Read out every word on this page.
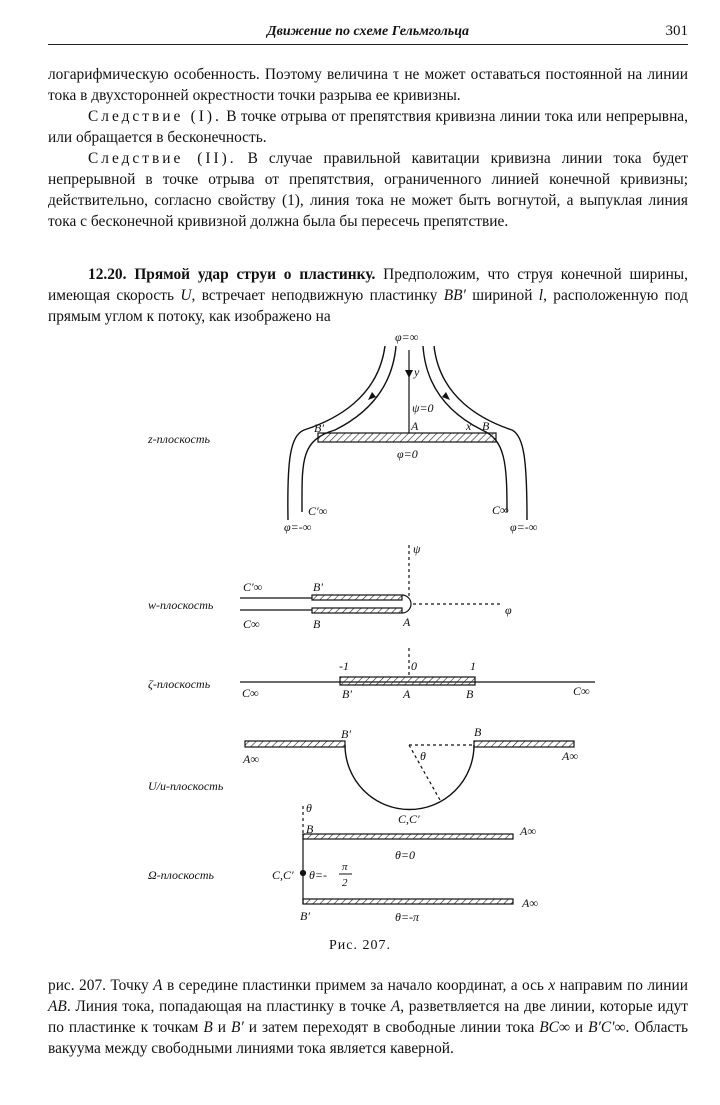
Движение по схеме Гельмгольца	301

логарифмическую особенность. Поэтому величина τ не может оставаться постоянной на линии тока в двухсторонней окрестности точки разрыва ее кривизны.

Следствие (I). В точке отрыва от препятствия кривизна линии тока или непрерывна, или обращается в бесконечность.

Следствие (II). В случае правильной кавитации кривизна линии тока будет непрерывной в точке отрыва от препятствия, ограниченного линией конечной кривизны; действительно, согласно свойству (1), линия тока не может быть вогнутой, а выпуклая линия тока с бесконечной кривизной должна была бы пересечь препятствие.

12.20. Прямой удар струи о пластинку. Предположим, что струя конечной ширины, имеющая скорость U, встречает неподвижную пластинку BB′ шириной l, расположенную под прямым углом к потоку, как изображено на

z-плоскость
φ=∞
y
ψ=0
A	x B
B′
φ=0
C′∞	C∞
φ=-∞	φ=-∞
ψ
φ
w-плоскость
C′∞	B′
C∞	B	A
ζ-плоскость
-1	0	1
C∞	B′	A	B	C∞
U/u-плоскость
B′	B
A∞	A∞
θ
C,C′
θ
B	A∞
θ=0
Ω-плоскость	C,C′ θ=-
π
2
A∞
B′	θ=-π
Рис. 207.

рис. 207. Точку A в середине пластинки примем за начало координат, а ось x направим по линии AB. Линия тока, попадающая на пластинку в точке A, разветвляется на две линии, которые идут по пластинке к точкам B и B′ и затем переходят в свободные линии тока BC∞ и B′C′∞. Область вакуума между свободными линиями тока является каверной.
